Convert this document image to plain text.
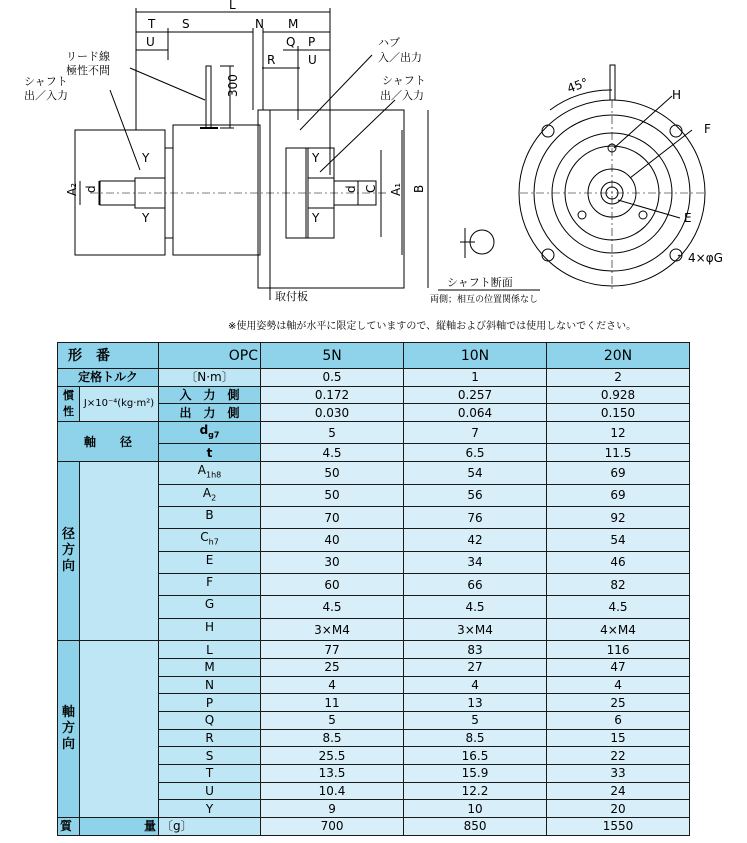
L
T S
U
N M
Q P
R	U
Y
Y
Y
Y
A₂ d	d C A₁ B
300	H
F
E
4×φG
45°
リード線
極性不問
シャフト
出／入力
ハブ
入／出力
シャフト
出／入力
取付板
シャフト断面
両側；相互の位置関係なし
※使用姿勢は軸が水平に限定していますので、縦軸および斜軸では使用しないでください。
形　番		OPC	5N	10N	20N
定格トルク		〔N·m〕	0.5	1	2
慣
性	J×10⁻⁴(kg·m²)	入　力　側	0.172	0.257	0.928
		出　力　側	0.030	0.064	0.150
軸　　径		$d_{g7}$	5	7	12
		t	4.5	6.5	11.5

径
方
向		$A_{1h8}$	50	54	69
		$A_2$	50	56	69
		B	70	76	92
		$C_{h7}$	40	42	54
		E	30	34	46
		F	60	66	82
		G	4.5	4.5	4.5
		H	3×M4	3×M4	4×M4

軸
方
向		L	77	83	116
		M	25	27	47
		N	4	4	4
		P	11	13	25
		Q	5	5	6
		R	8.5	8.5	15
		S	25.5	16.5	22
		T	13.5	15.9	33
		U	10.4	12.2	24
		Y	9	10	20
質	量	〔g〕	700	850	1550
